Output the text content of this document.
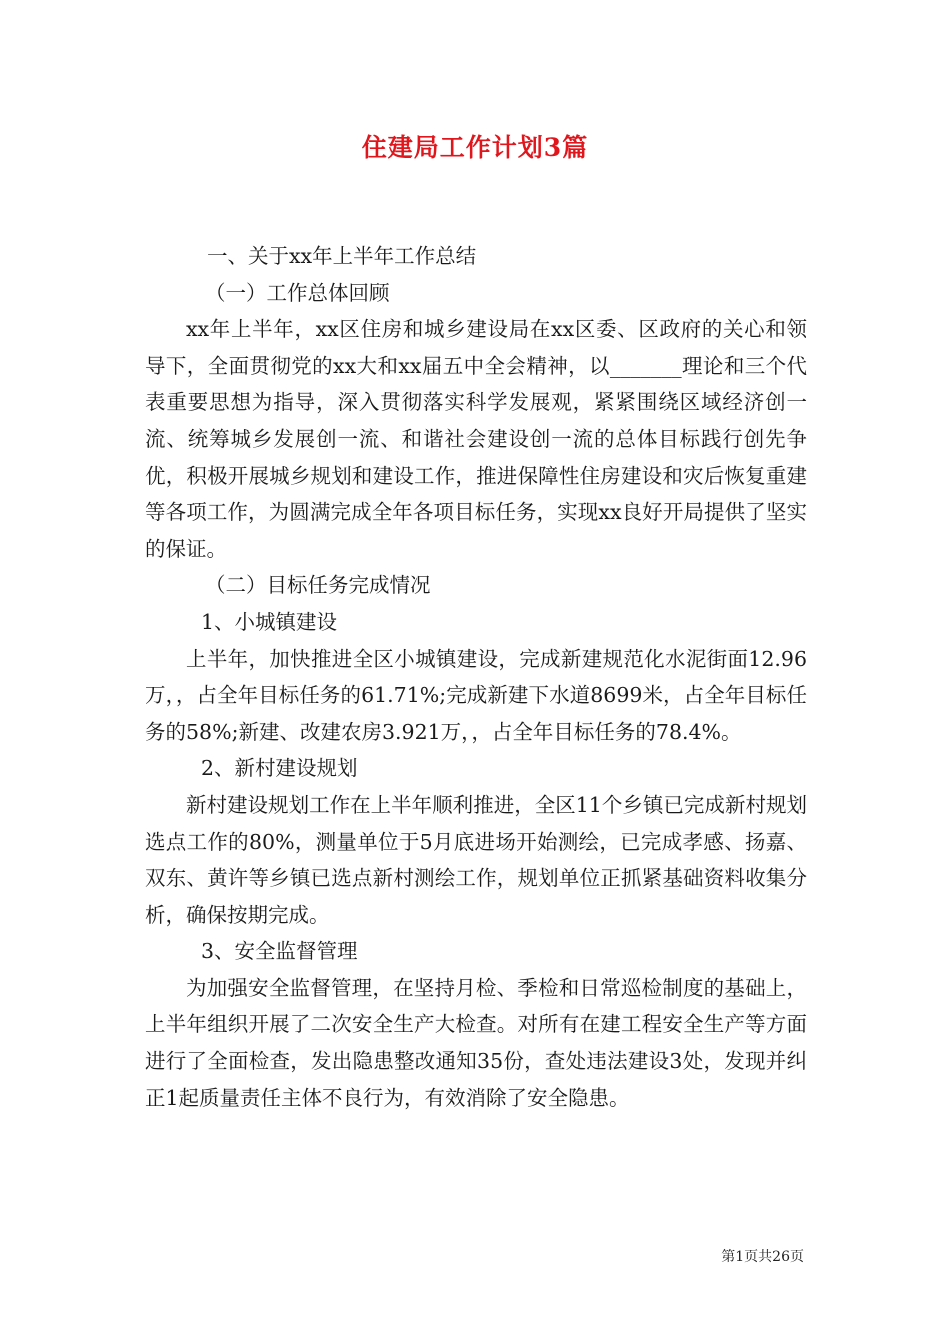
住建局工作计划3篇

一、关于xx年上半年工作总结

（一）工作总体回顾

xx年上半年，xx区住房和城乡建设局在xx区委、区政府的关心和领导下，全面贯彻党的xx大和xx届五中全会精神，以_______理论和三个代表重要思想为指导，深入贯彻落实科学发展观，紧紧围绕区域经济创一流、统筹城乡发展创一流、和谐社会建设创一流的总体目标践行创先争优，积极开展城乡规划和建设工作，推进保障性住房建设和灾后恢复重建等各项工作，为圆满完成全年各项目标任务，实现xx良好开局提供了坚实的保证。

（二）目标任务完成情况

1、小城镇建设

上半年，加快推进全区小城镇建设，完成新建规范化水泥街面12.96万，，占全年目标任务的61.71%;完成新建下水道8699米，占全年目标任务的58%;新建、改建农房3.921万，，占全年目标任务的78.4%。

2、新村建设规划

新村建设规划工作在上半年顺利推进，全区11个乡镇已完成新村规划选点工作的80%，测量单位于5月底进场开始测绘，已完成孝感、扬嘉、双东、黄许等乡镇已选点新村测绘工作，规划单位正抓紧基础资料收集分析，确保按期完成。

3、安全监督管理

为加强安全监督管理，在坚持月检、季检和日常巡检制度的基础上，上半年组织开展了二次安全生产大检查。对所有在建工程安全生产等方面进行了全面检查，发出隐患整改通知35份，查处违法建设3处，发现并纠正1起质量责任主体不良行为，有效消除了安全隐患。

第1页共26页
